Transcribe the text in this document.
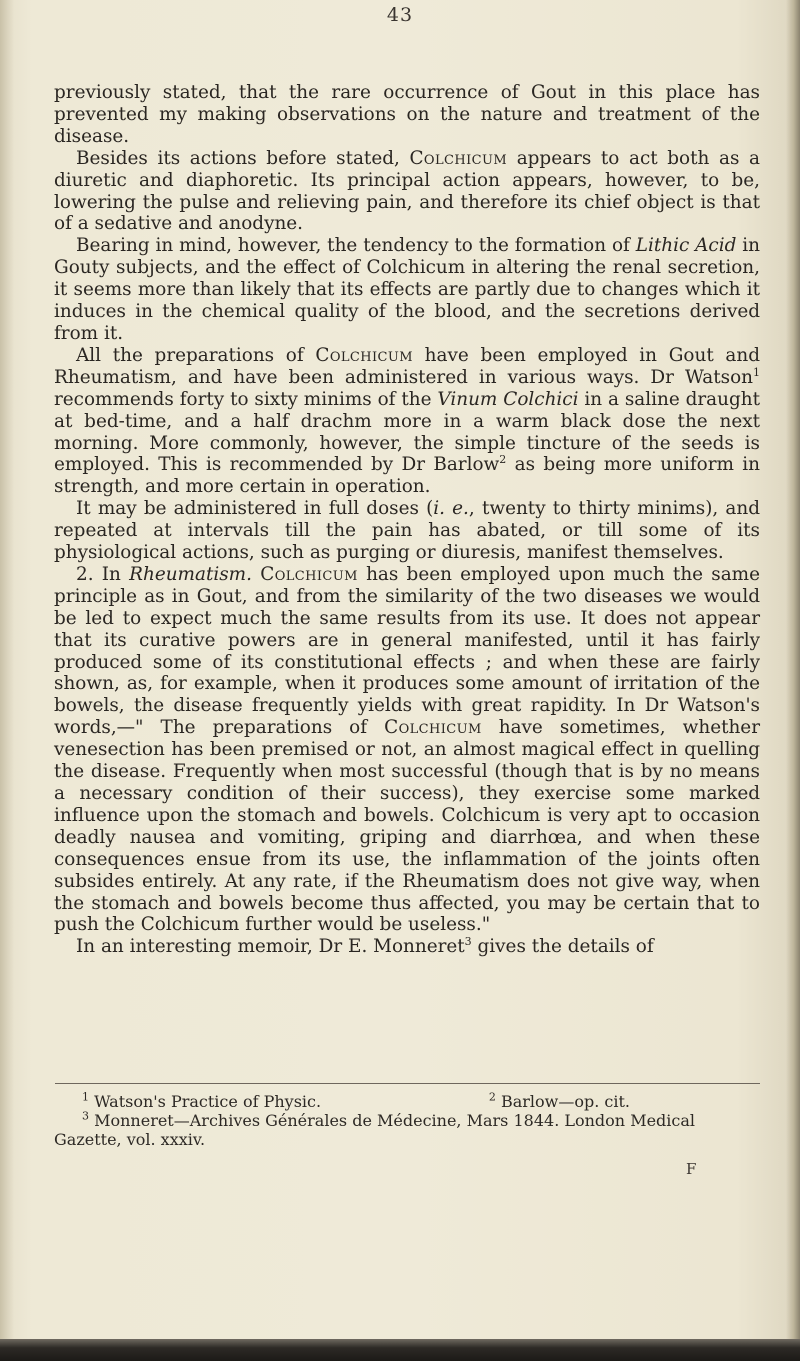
43

previously stated, that the rare occurrence of Gout in this place has prevented my making observations on the nature and treatment of the disease.

Besides its actions before stated, Colchicum appears to act both as a diuretic and diaphoretic. Its principal action appears, however, to be, lowering the pulse and relieving pain, and therefore its chief object is that of a sedative and anodyne.

Bearing in mind, however, the tendency to the formation of Lithic Acid in Gouty subjects, and the effect of Colchicum in altering the renal secretion, it seems more than likely that its effects are partly due to changes which it induces in the chemical quality of the blood, and the secretions derived from it.

All the preparations of Colchicum have been employed in Gout and Rheumatism, and have been administered in various ways. Dr Watson$^1$ recommends forty to sixty minims of the Vinum Colchici in a saline draught at bed-time, and a half drachm more in a warm black dose the next morning. More commonly, however, the simple tincture of the seeds is employed. This is recommended by Dr Barlow$^2$ as being more uniform in strength, and more certain in operation.

It may be administered in full doses (i. e., twenty to thirty minims), and repeated at intervals till the pain has abated, or till some of its physiological actions, such as purging or diuresis, manifest themselves.

2. In Rheumatism. Colchicum has been employed upon much the same principle as in Gout, and from the similarity of the two diseases we would be led to expect much the same results from its use. It does not appear that its curative powers are in general manifested, until it has fairly produced some of its constitutional effects ; and when these are fairly shown, as, for example, when it produces some amount of irritation of the bowels, the disease frequently yields with great rapidity. In Dr Watson's words,—" The preparations of Colchicum have sometimes, whether venesection has been premised or not, an almost magical effect in quelling the disease. Frequently when most successful (though that is by no means a necessary condition of their success), they exercise some marked influence upon the stomach and bowels. Colchicum is very apt to occasion deadly nausea and vomiting, griping and diarrhœa, and when these consequences ensue from its use, the inflammation of the joints often subsides entirely. At any rate, if the Rheumatism does not give way, when the stomach and bowels become thus affected, you may be certain that to push the Colchicum further would be useless."

In an interesting memoir, Dr E. Monneret$^3$ gives the details of

$^1$ Watson's Practice of Physic.	$^2$ Barlow—op. cit.
$^3$ Monneret—Archives Générales de Médecine, Mars 1844. London Medical
Gazette, vol. xxxiv.
F
